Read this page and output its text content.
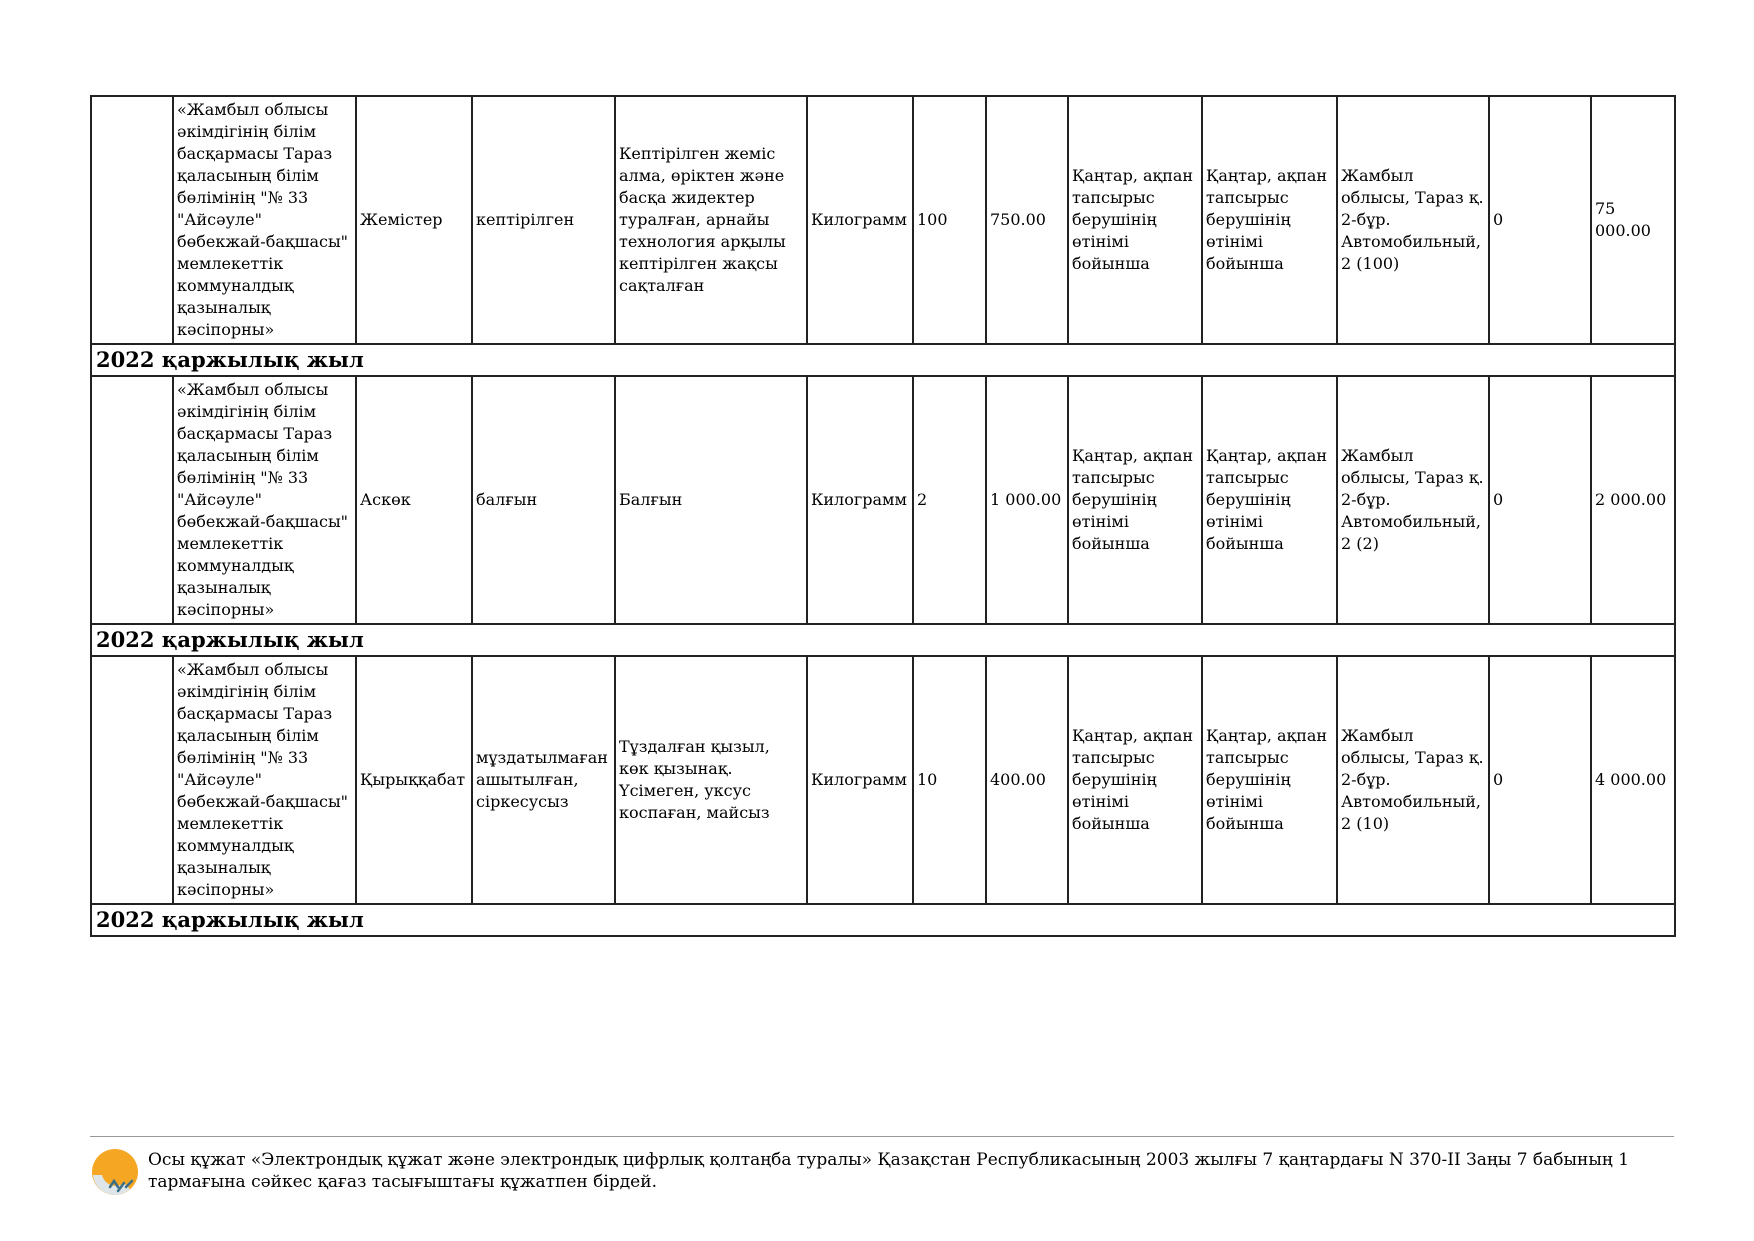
	«Жамбыл облысы әкімдігінің білім басқармасы Тараз қаласының білім бөлімінің "№ 33 "Айсәуле" бөбекжай-бақшасы" мемлекеттік коммуналдық қазыналық кәсіпорны»	Жемістер	кептірілген	Кептірілген жеміс алма, өріктен және басқа жидектер туралған, арнайы технология арқылы кептірілген жақсы сақталған	Килограмм	100	750.00	Қаңтар, ақпан тапсырыс берушінің өтінімі бойынша	Қаңтар, ақпан тапсырыс берушінің өтінімі бойынша	Жамбыл облысы, Тараз қ. 2-бұр. Автомобильный, 2 (100)	0	75 000.00
2022 қаржылық жыл												
	«Жамбыл облысы әкімдігінің білім басқармасы Тараз қаласының білім бөлімінің "№ 33 "Айсәуле" бөбекжай-бақшасы" мемлекеттік коммуналдық қазыналық кәсіпорны»	Аскөк	балғын	Балғын	Килограмм	2	1 000.00	Қаңтар, ақпан тапсырыс берушінің өтінімі бойынша	Қаңтар, ақпан тапсырыс берушінің өтінімі бойынша	Жамбыл облысы, Тараз қ. 2-бұр. Автомобильный, 2 (2)	0	2 000.00
2022 қаржылық жыл												
	«Жамбыл облысы әкімдігінің білім басқармасы Тараз қаласының білім бөлімінің "№ 33 "Айсәуле" бөбекжай-бақшасы" мемлекеттік коммуналдық қазыналық кәсіпорны»	Қырыққабат	мұздатылмаған ашытылған, сіркесусыз	Тұздалған қызыл, көк қызынақ. Үсімеген, уксус коспаған, майсыз	Килограмм	10	400.00	Қаңтар, ақпан тапсырыс берушінің өтінімі бойынша	Қаңтар, ақпан тапсырыс берушінің өтінімі бойынша	Жамбыл облысы, Тараз қ. 2-бұр. Автомобильный, 2 (10)	0	4 000.00
2022 қаржылық жыл												
Осы құжат «Электрондық құжат және электрондық цифрлық қолтаңба туралы» Қазақстан Республикасының 2003 жылғы 7 қаңтардағы N 370-II Заңы 7 бабының 1 тармағына сәйкес қағаз тасығыштағы құжатпен бірдей.
